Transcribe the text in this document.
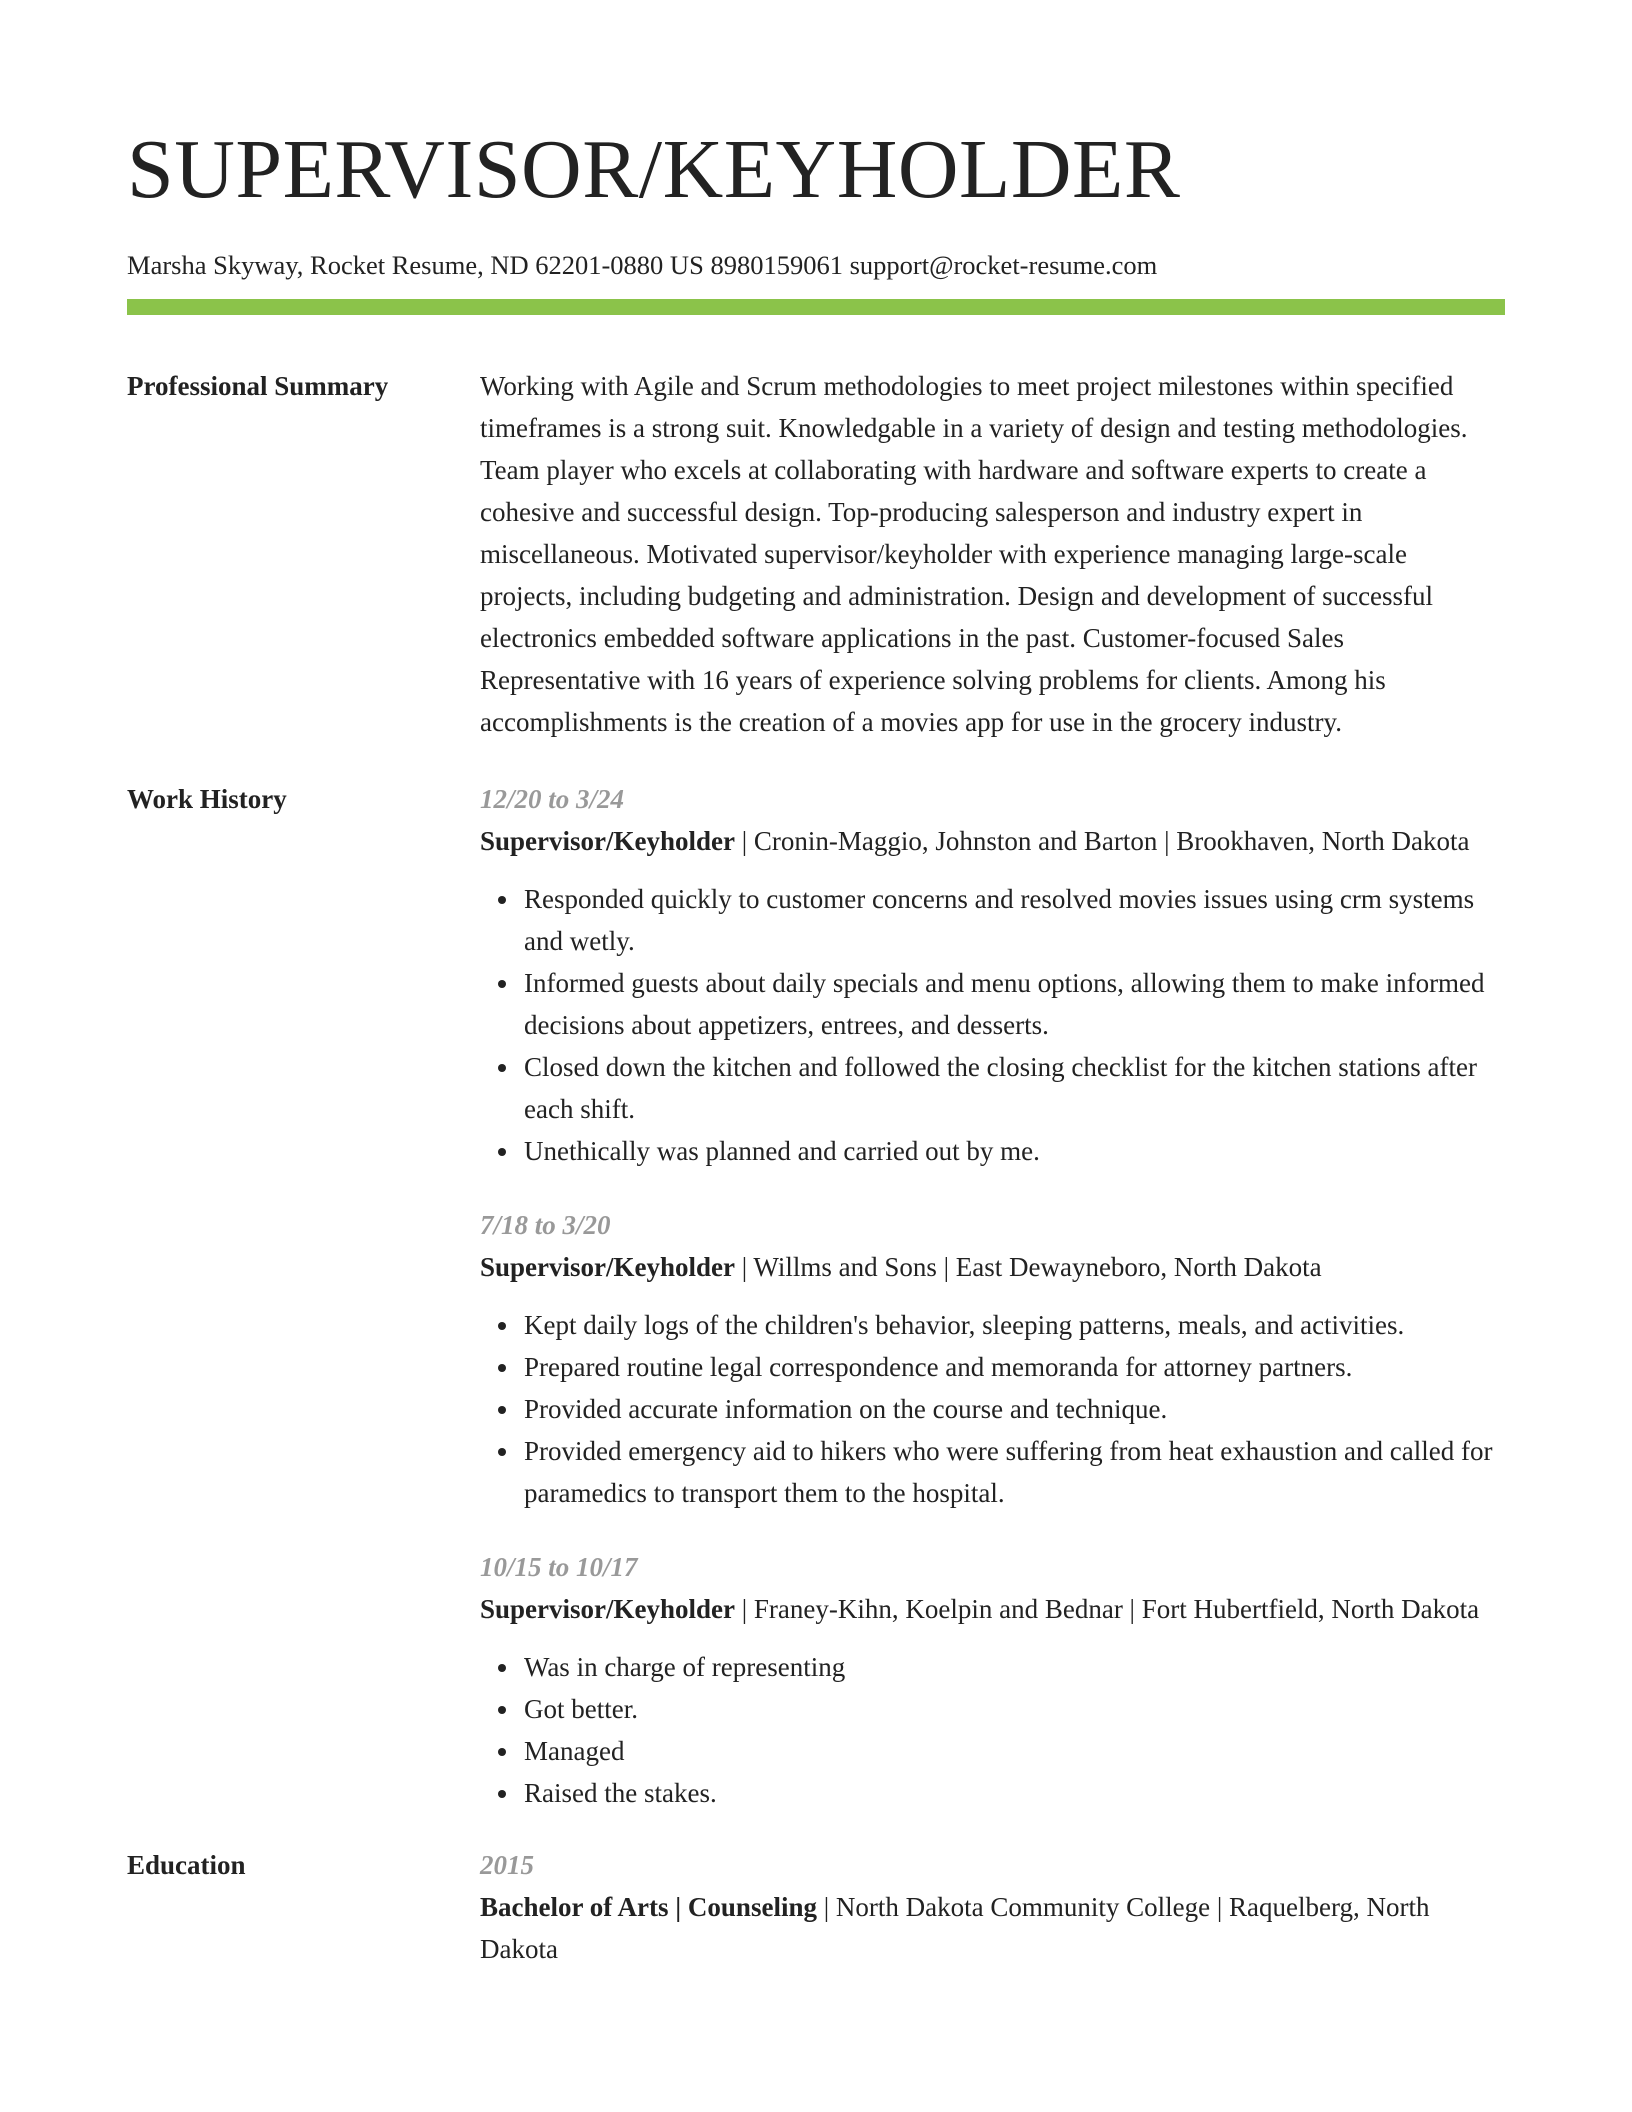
SUPERVISOR/KEYHOLDER
Marsha Skyway, Rocket Resume, ND 62201-0880 US 8980159061 support@rocket-resume.com
Professional Summary	Working with Agile and Scrum methodologies to meet project milestones within specified timeframes is a strong suit. Knowledgable in a variety of design and testing methodologies. Team player who excels at collaborating with hardware and software experts to create a cohesive and successful design. Top-producing salesperson and industry expert in miscellaneous. Motivated supervisor/keyholder with experience managing large-scale projects, including budgeting and administration. Design and development of successful electronics embedded software applications in the past. Customer-focused Sales Representative with 16 years of experience solving problems for clients. Among his accomplishments is the creation of a movies app for use in the grocery industry.

Work History	12/20 to 3/24
Supervisor/Keyholder | Cronin-Maggio, Johnston and Barton | Brookhaven, North Dakota
Responded quickly to customer concerns and resolved movies issues using crm systems and wetly.
Informed guests about daily specials and menu options, allowing them to make informed decisions about appetizers, entrees, and desserts.
Closed down the kitchen and followed the closing checklist for the kitchen stations after each shift.
Unethically was planned and carried out by me.
7/18 to 3/20
Supervisor/Keyholder | Willms and Sons | East Dewayneboro, North Dakota
Kept daily logs of the children's behavior, sleeping patterns, meals, and activities.
Prepared routine legal correspondence and memoranda for attorney partners.
Provided accurate information on the course and technique.
Provided emergency aid to hikers who were suffering from heat exhaustion and called for paramedics to transport them to the hospital.
10/15 to 10/17
Supervisor/Keyholder | Franey-Kihn, Koelpin and Bednar | Fort Hubertfield, North Dakota
Was in charge of representing
Got better.
Managed
Raised the stakes.
Education	2015
Bachelor of Arts | Counseling | North Dakota Community College | Raquelberg, North Dakota
